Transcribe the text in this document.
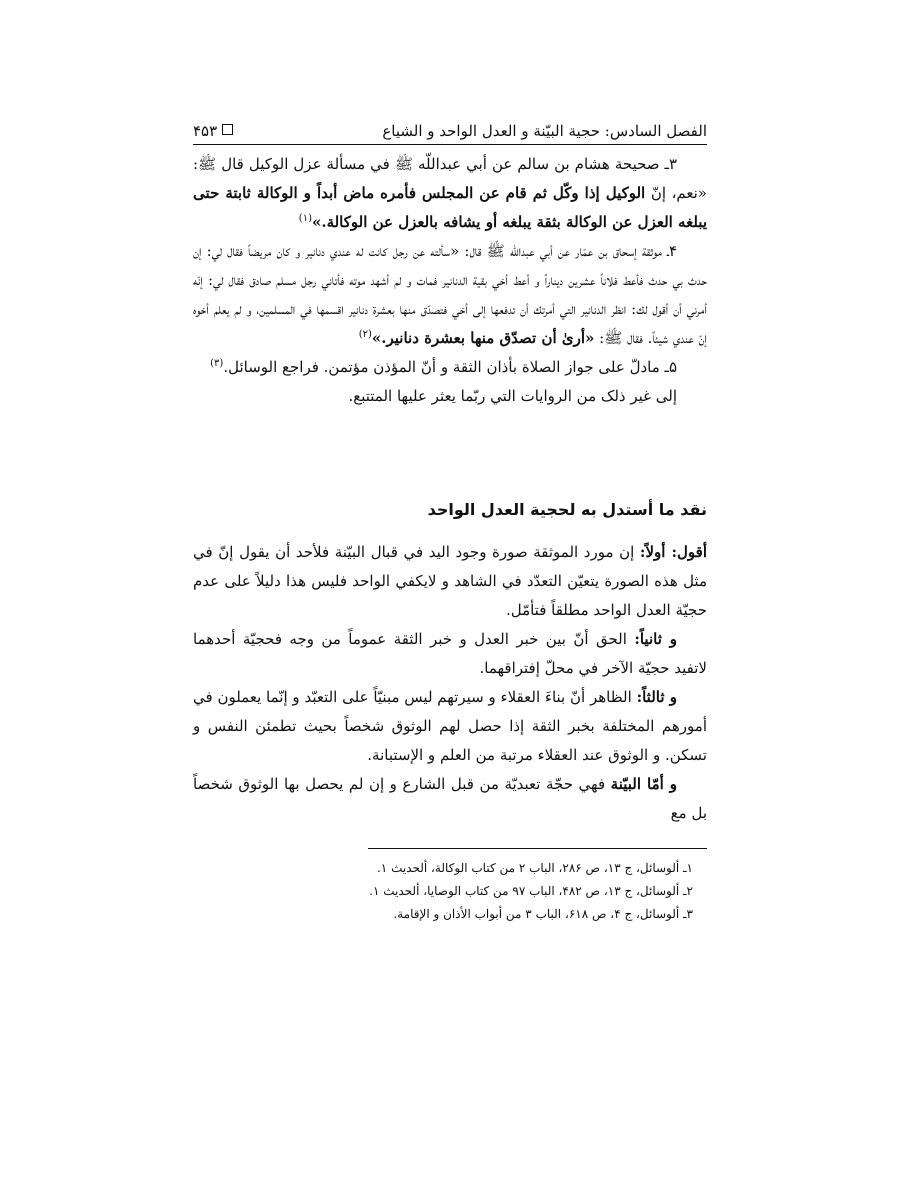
الفصل السادس: حجية البيّنة و العدل الواحد و الشياع
۴۵۳

۳ـ صحيحة هشام بن سالم عن أبي عبداللّه ﷺ في مسألة عزل الوكيل قال ﷺ: «نعم، إنّ الوكيل إذا وكّل ثم قام عن المجلس فأمره ماض أبداً و الوكالة ثابتة حتى يبلغه العزل عن الوكالة بثقة يبلغه أو يشافه بالعزل عن الوكالة.»$^{(۱)}$

۴ـ موثقة إسحاق بن عمّار عن أبي عبداللّه ﷺ قال: «سألته عن رجل كانت له عندي دنانير و كان مريضاً فقال لي: إن حدث بي حدث فأعط فلاناً عشرين ديناراً و أعط أخي بقية الدنانير فمات و لم أشهد موته فأتاني رجل مسلم صادق فقال لي: إنّه أمرني أن أقول لك: انظر الدنانير التي أمرتك أن تدفعها إلى أخي فتصدّق منها بعشرة دنانير اقسمها في المسلمين، و لم يعلم أخوه إنّ عندي شيئاً. فقال ﷺ: «أرىٰ أن تصدّق منها بعشرة دنانير.»$^{(۲)}$

۵ـ مادلّ على جواز الصلاة بأذان الثقة و أنّ المؤذن مؤتمن. فراجع الوسائل.$^{(۳)}$

إلى غير ذلک من الروايات التي ربّما يعثر عليها المتتبع.

نقد ما أستدل به لحجية العدل الواحد

أقول: أولاً: إن مورد الموثقة صورة وجود اليد في قبال البيّنة فلأحد أن يقول إنّ في مثل هذه الصورة يتعيّن التعدّد في الشاهد و لايكفي الواحد فليس هذا دليلاً على عدم حجيّة العدل الواحد مطلقاً فتأمّل.

و ثانياً: الحق أنّ بين خبر العدل و خبر الثقة عموماً من وجه فحجيّة أحدهما لاتفيد حجيّة الآخر في محلّ إفتراقهما.

و ثالثاً: الظاهر أنّ بناءَ العقلاء و سيرتهم ليس مبنيّاً على التعبّد و إنّما يعملون في أمورهم المختلفة بخبر الثقة إذا حصل لهم الوثوق شخصاً بحيث تطمئن النفس و تسكن. و الوثوق عند العقلاء مرتبة من العلم و الإستبانة.

و أمّا البيّنة فهي حجّة تعبديّة من قبل الشارع و إن لم يحصل بها الوثوق شخصاً بل مع

۱ـ ألوسائل، ج ۱۳، ص ۲۸۶، الباب ۲ من كتاب الوكالة، ألحديث ۱.

۲ـ ألوسائل، ج ۱۳، ص ۴۸۲، الباب ۹۷ من كتاب الوصايا، ألحديث ۱.

۳ـ ألوسائل، ج ۴، ص ۶۱۸، الباب ۳ من أبواب الأذان و الإقامة.
